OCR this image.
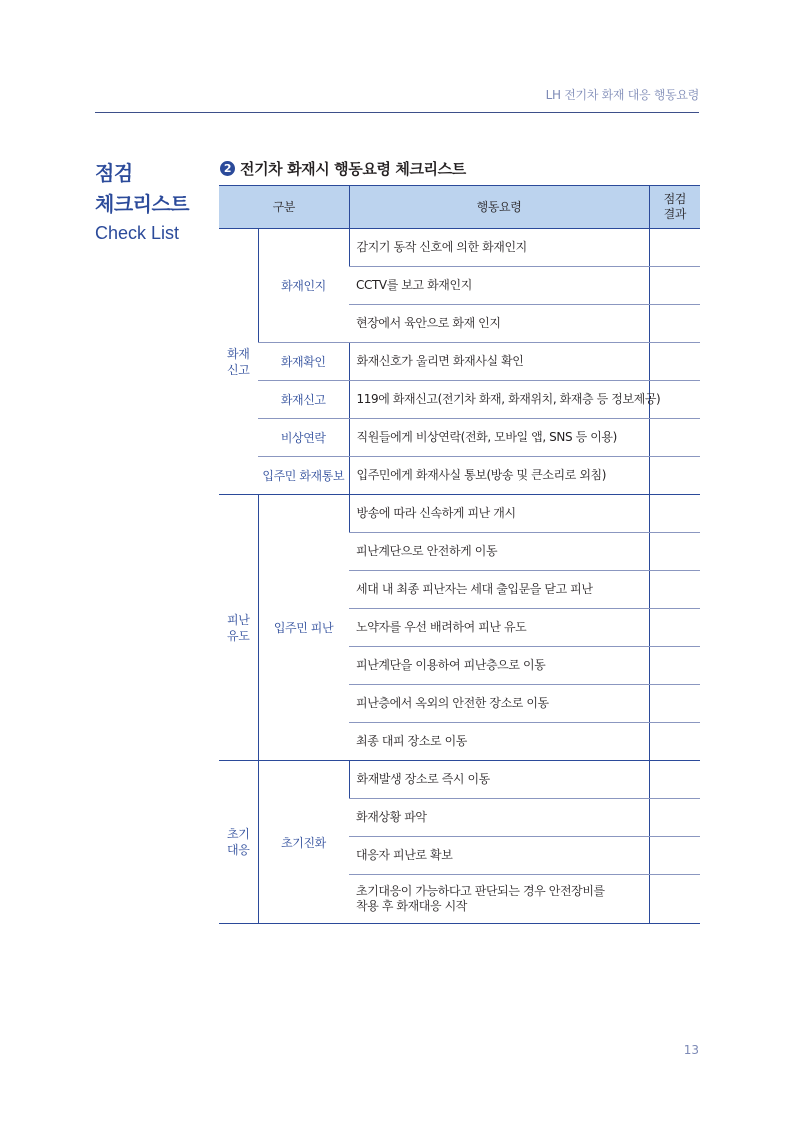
LH 전기차 화재 대응 행동요령
점검
체크리스트
Check List
2 전기차 화재시 행동요령 체크리스트
구분		행동요령	점검
결과

화재
신고	화재인지	감지기 동작 신호에 의한 화재인지	
		CCTV를 보고 화재인지	
		현장에서 육안으로 화재 인지	
	화재확인	화재신호가 울리면 화재사실 확인	
	화재신고	119에 화재신고(전기차 화재, 화재위치, 화재층 등 정보제공)	
	비상연락	직원들에게 비상연락(전화, 모바일 앱, SNS 등 이용)	
	입주민 화재통보	입주민에게 화재사실 통보(방송 및 큰소리로 외침)	

피난
유도	입주민 피난	방송에 따라 신속하게 피난 개시	
		피난계단으로 안전하게 이동	
		세대 내 최종 피난자는 세대 출입문을 닫고 피난	
		노약자를 우선 배려하여 피난 유도	
		피난계단을 이용하여 피난층으로 이동	
		피난층에서 옥외의 안전한 장소로 이동	
		최종 대피 장소로 이동	

초기
대응	초기진화	화재발생 장소로 즉시 이동	
		화재상황 파악	
		대응자 피난로 확보	

		초기대응이 가능하다고 판단되는 경우 안전장비를
착용 후 화재대응 시작	

13
